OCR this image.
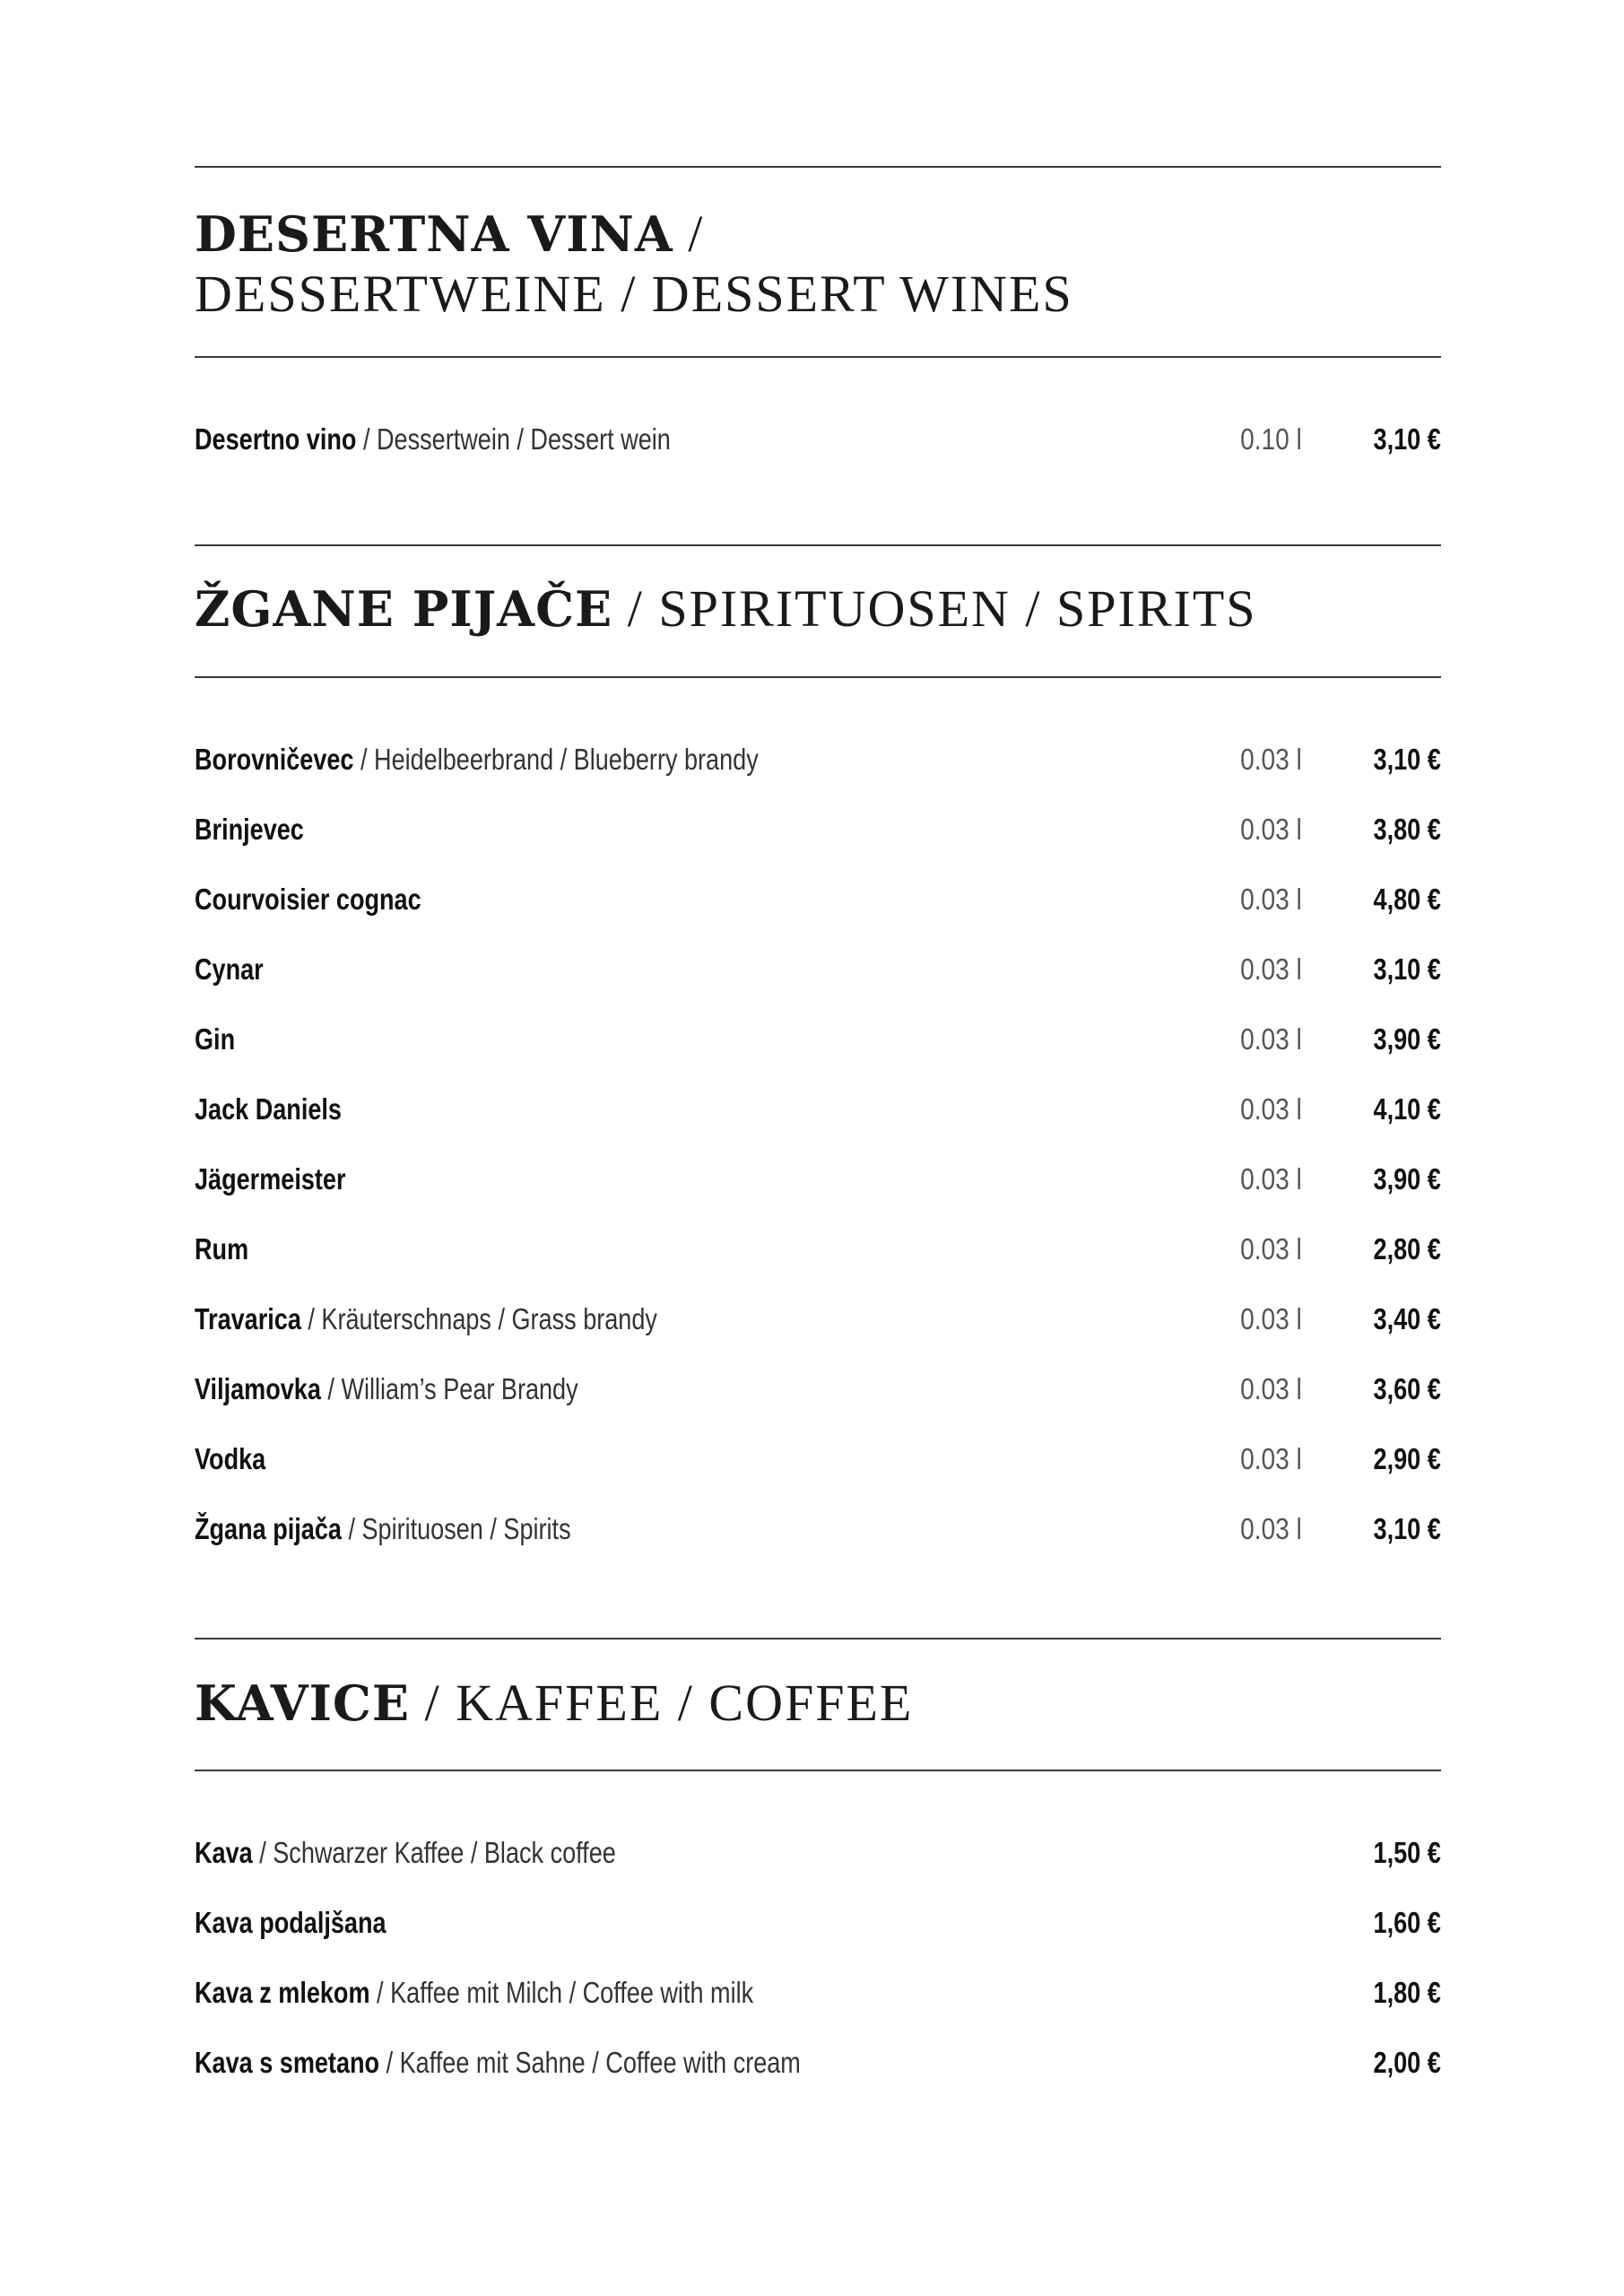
DESERTNA VINA /
DESSERTWEINE / DESSERT WINES
Desertno vino / Dessertwein / Dessert wein	0.10 l 3,10 €
ŽGANE PIJAČE / SPIRITUOSEN / SPIRITS
Borovničevec / Heidelbeerbrand / Blueberry brandy	0.03 l 3,10 €
Brinjevec	0.03 l 3,80 €
Courvoisier cognac	0.03 l 4,80 €
Cynar	0.03 l 3,10 €
Gin	0.03 l 3,90 €
Jack Daniels	0.03 l 4,10 €
Jägermeister	0.03 l 3,90 €
Rum	0.03 l 2,80 €
Travarica / Kräuterschnaps / Grass brandy	0.03 l 3,40 €
Viljamovka / William’s Pear Brandy	0.03 l 3,60 €
Vodka	0.03 l 2,90 €
Žgana pijača / Spirituosen / Spirits	0.03 l 3,10 €
KAVICE / KAFFEE / COFFEE
Kava / Schwarzer Kaffee / Black coffee	1,50 €
Kava podaljšana	1,60 €
Kava z mlekom / Kaffee mit Milch / Coffee with milk	1,80 €
Kava s smetano / Kaffee mit Sahne / Coffee with cream	2,00 €
